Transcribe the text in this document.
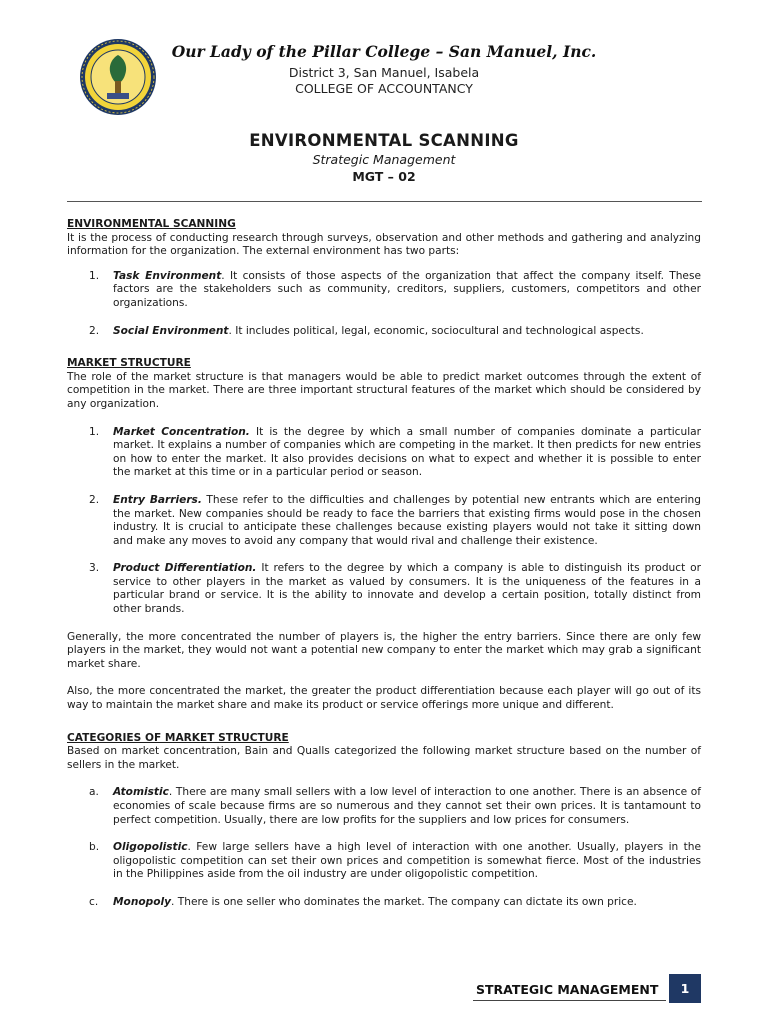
Our Lady of the Pillar College – San Manuel, Inc.
District 3, San Manuel, Isabela
COLLEGE OF ACCOUNTANCY
ENVIRONMENTAL SCANNING
Strategic Management
MGT – 02

ENVIRONMENTAL SCANNING

It is the process of conducting research through surveys, observation and other methods and gathering and analyzing information for the organization. The external environment has two parts:

1. Task Environment. It consists of those aspects of the organization that affect the company itself. These factors are the stakeholders such as community, creditors, suppliers, customers, competitors and other organizations.
2. Social Environment. It includes political, legal, economic, sociocultural and technological aspects.

MARKET STRUCTURE

The role of the market structure is that managers would be able to predict market outcomes through the extent of competition in the market. There are three important structural features of the market which should be considered by any organization.

1. Market Concentration. It is the degree by which a small number of companies dominate a particular market. It explains a number of companies which are competing in the market. It then predicts for new entries on how to enter the market. It also provides decisions on what to expect and whether it is possible to enter the market at this time or in a particular period or season.
2. Entry Barriers. These refer to the difficulties and challenges by potential new entrants which are entering the market. New companies should be ready to face the barriers that existing firms would pose in the chosen industry. It is crucial to anticipate these challenges because existing players would not take it sitting down and make any moves to avoid any company that would rival and challenge their existence.
3. Product Differentiation. It refers to the degree by which a company is able to distinguish its product or service to other players in the market as valued by consumers. It is the uniqueness of the features in a particular brand or service. It is the ability to innovate and develop a certain position, totally distinct from other brands.

Generally, the more concentrated the number of players is, the higher the entry barriers. Since there are only few players in the market, they would not want a potential new company to enter the market which may grab a significant market share.

Also, the more concentrated the market, the greater the product differentiation because each player will go out of its way to maintain the market share and make its product or service offerings more unique and different.

CATEGORIES OF MARKET STRUCTURE

Based on market concentration, Bain and Qualls categorized the following market structure based on the number of sellers in the market.

a. Atomistic. There are many small sellers with a low level of interaction to one another. There is an absence of economies of scale because firms are so numerous and they cannot set their own prices. It is tantamount to perfect competition. Usually, there are low profits for the suppliers and low prices for consumers.
b. Oligopolistic. Few large sellers have a high level of interaction with one another. Usually, players in the oligopolistic competition can set their own prices and competition is somewhat fierce. Most of the industries in the Philippines aside from the oil industry are under oligopolistic competition.
c. Monopoly. There is one seller who dominates the market. The company can dictate its own price.
STRATEGIC MANAGEMENT	1
